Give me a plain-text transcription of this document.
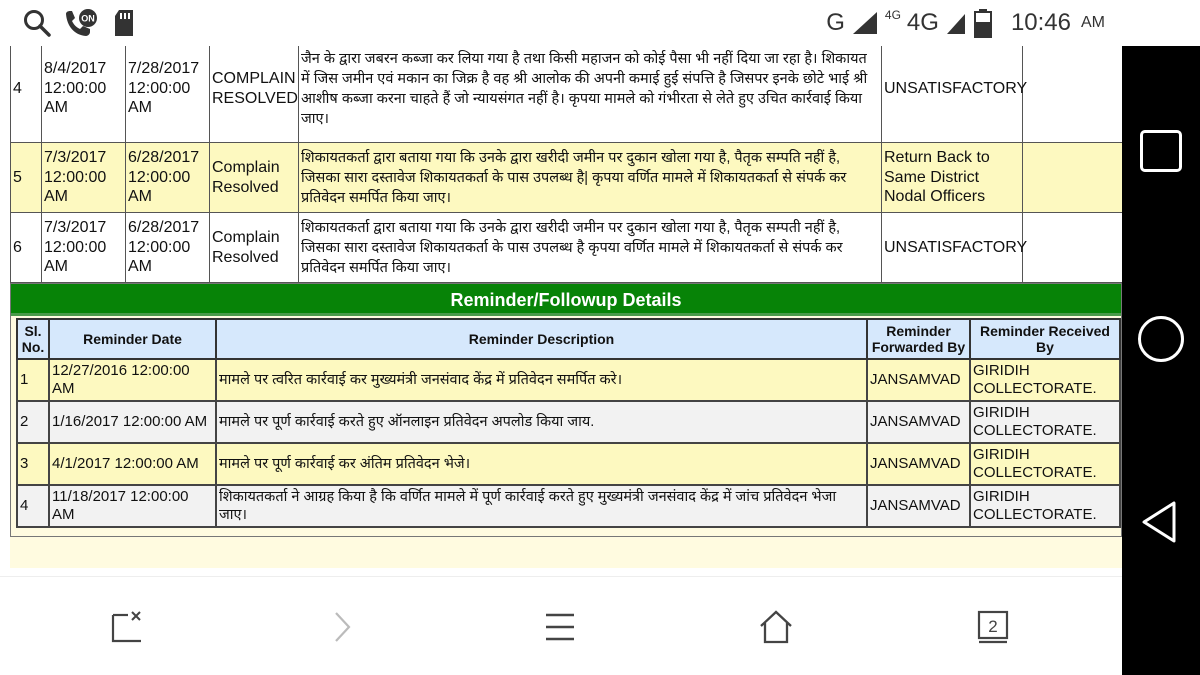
ON	G	4G 4G	10:46 AM
4	8/4/2017 12:00:00 AM	7/28/2017 12:00:00 AM	COMPLAIN RESOLVED	जैन के द्वारा जबरन कब्जा कर लिया गया है तथा किसी महाजन को कोई पैसा भी नहीं दिया जा रहा है। शिकायत में जिस जमीन एवं मकान का जिक्र है वह श्री आलोक की अपनी कमाई हुई संपत्ति है जिसपर इनके छोटे भाई श्री आशीष कब्जा करना चाहते हैं जो न्यायसंगत नहीं है। कृपया मामले को गंभीरता से लेते हुए उचित कार्रवाई किया जाए।	UNSATISFACTORY	
5	7/3/2017 12:00:00 AM	6/28/2017 12:00:00 AM	Complain Resolved	शिकायतकर्ता द्वारा बताया गया कि उनके द्वारा खरीदी जमीन पर दुकान खोला गया है, पैतृक सम्पति नहीं है, जिसका सारा दस्तावेज शिकायतकर्ता के पास उपलब्ध है| कृपया वर्णित मामले में शिकायतकर्ता से संपर्क कर प्रतिवेदन समर्पित किया जाए।	Return Back to Same District Nodal Officers	
6	7/3/2017 12:00:00 AM	6/28/2017 12:00:00 AM	Complain Resolved	शिकायतकर्ता द्वारा बताया गया कि उनके द्वारा खरीदी जमीन पर दुकान खोला गया है, पैतृक सम्पती नहीं है, जिसका सारा दस्तावेज शिकायतकर्ता के पास उपलब्ध है कृपया वर्णित मामले में शिकायतकर्ता से संपर्क कर प्रतिवेदन समर्पित किया जाए।	UNSATISFACTORY	
Reminder/Followup Details
Sl. No.	Reminder Date	Reminder Description	Reminder Forwarded By	Reminder Received By
1	12/27/2016 12:00:00 AM	मामले पर त्वरित कार्रवाई कर मुख्यमंत्री जनसंवाद केंद्र में प्रतिवेदन समर्पित करे।	JANSAMVAD	GIRIDIH COLLECTORATE.
2	1/16/2017 12:00:00 AM	मामले पर पूर्ण कार्रवाई करते हुए ऑनलाइन प्रतिवेदन अपलोड किया जाय.	JANSAMVAD	GIRIDIH COLLECTORATE.
3	4/1/2017 12:00:00 AM	मामले पर पूर्ण कार्रवाई कर अंतिम प्रतिवेदन भेजे।	JANSAMVAD	GIRIDIH COLLECTORATE.
4	11/18/2017 12:00:00 AM	शिकायतकर्ता ने आग्रह किया है कि वर्णित मामले में पूर्ण कार्रवाई करते हुए मुख्यमंत्री जनसंवाद केंद्र में जांच प्रतिवेदन भेजा जाए।	JANSAMVAD	GIRIDIH COLLECTORATE.
2
